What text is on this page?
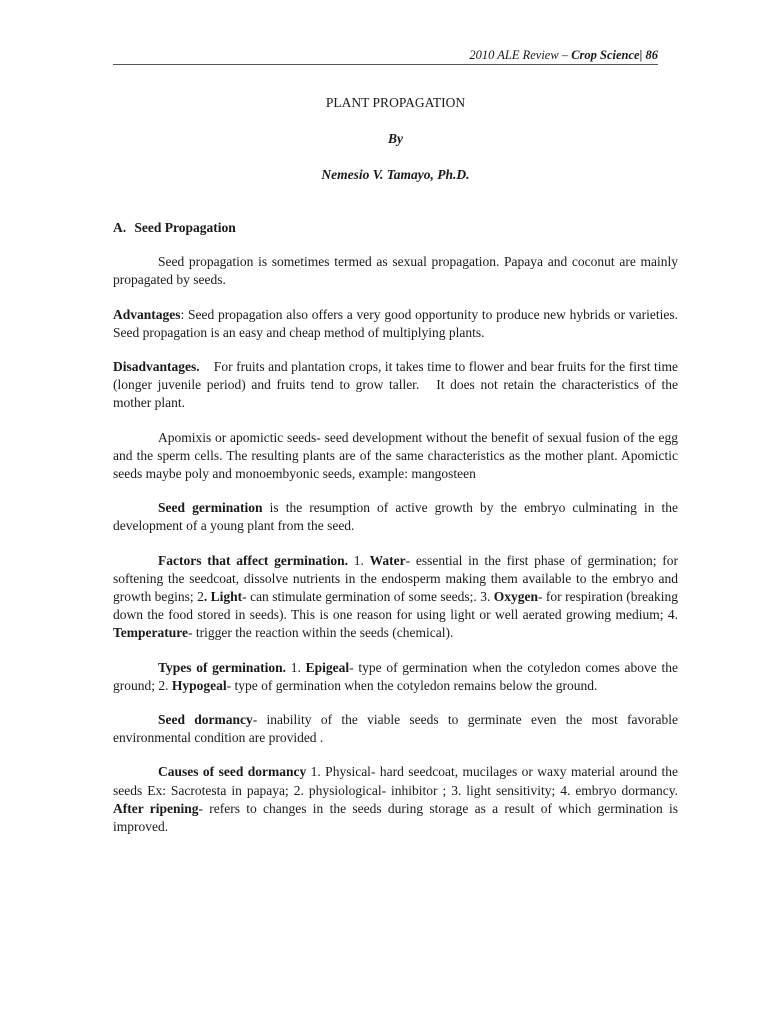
2010 ALE Review – Crop Science| 86
PLANT PROPAGATION
By
Nemesio V. Tamayo, Ph.D.
A. Seed Propagation

Seed propagation is sometimes termed as sexual propagation. Papaya and coconut are mainly propagated by seeds.

Advantages: Seed propagation also offers a very good opportunity to produce new hybrids or varieties. Seed propagation is an easy and cheap method of multiplying plants.

Disadvantages.    For fruits and plantation crops, it takes time to flower and bear fruits for the first time (longer juvenile period) and fruits tend to grow taller.   It does not retain the characteristics of the mother plant.

Apomixis or apomictic seeds- seed development without the benefit of sexual fusion of the egg and the sperm cells. The resulting plants are of the same characteristics as the mother plant. Apomictic seeds maybe poly and monoembyonic seeds, example: mangosteen

Seed germination is the resumption of active growth by the embryo culminating in the development of a young plant from the seed.

Factors that affect germination. 1. Water- essential in the first phase of germination; for softening the seedcoat, dissolve nutrients in the endosperm making them available to the embryo and growth begins; 2. Light- can stimulate germination of some seeds;. 3. Oxygen- for respiration (breaking down the food stored in seeds). This is one reason for using light or well aerated growing medium; 4. Temperature- trigger the reaction within the seeds (chemical).

Types of germination. 1. Epigeal- type of germination when the cotyledon comes above the ground; 2. Hypogeal- type of germination when the cotyledon remains below the ground.

Seed dormancy- inability of the viable seeds to germinate even the most favorable environmental condition are provided .

Causes of seed dormancy 1. Physical- hard seedcoat, mucilages or waxy material around the seeds Ex: Sacrotesta in papaya; 2. physiological- inhibitor ; 3. light sensitivity; 4. embryo dormancy. After ripening- refers to changes in the seeds during storage as a result of which germination is improved.
